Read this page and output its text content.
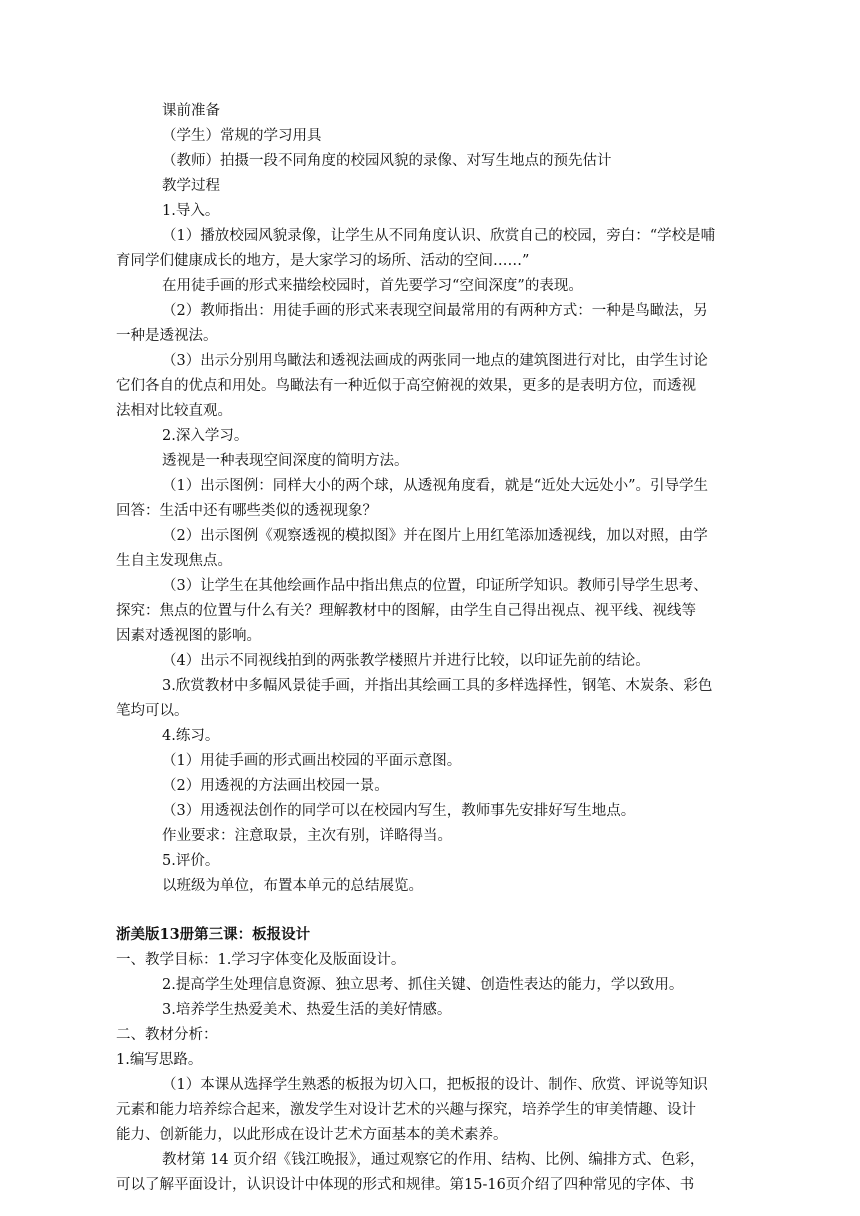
课前准备
（学生）常规的学习用具
（教师）拍摄一段不同角度的校园风貌的录像、对写生地点的预先估计
教学过程
1.导入。
（1）播放校园风貌录像，让学生从不同角度认识、欣赏自己的校园，旁白：“学校是哺
育同学们健康成长的地方，是大家学习的场所、活动的空间……”
在用徒手画的形式来描绘校园时，首先要学习“空间深度”的表现。
（2）教师指出：用徒手画的形式来表现空间最常用的有两种方式：一种是鸟瞰法，另
一种是透视法。
（3）出示分别用鸟瞰法和透视法画成的两张同一地点的建筑图进行对比，由学生讨论
它们各自的优点和用处。鸟瞰法有一种近似于高空俯视的效果，更多的是表明方位，而透视
法相对比较直观。
2.深入学习。
透视是一种表现空间深度的简明方法。
（1）出示图例：同样大小的两个球，从透视角度看，就是“近处大远处小”。引导学生
回答：生活中还有哪些类似的透视现象？
（2）出示图例《观察透视的模拟图》并在图片上用红笔添加透视线，加以对照，由学
生自主发现焦点。
（3）让学生在其他绘画作品中指出焦点的位置，印证所学知识。教师引导学生思考、
探究：焦点的位置与什么有关？理解教材中的图解，由学生自己得出视点、视平线、视线等
因素对透视图的影响。
（4）出示不同视线拍到的两张教学楼照片并进行比较，以印证先前的结论。
3.欣赏教材中多幅风景徒手画，并指出其绘画工具的多样选择性，钢笔、木炭条、彩色
笔均可以。
4.练习。
（1）用徒手画的形式画出校园的平面示意图。
（2）用透视的方法画出校园一景。
（3）用透视法创作的同学可以在校园内写生，教师事先安排好写生地点。
作业要求：注意取景，主次有别，详略得当。
5.评价。
以班级为单位，布置本单元的总结展览。
浙美版13册第三课：板报设计
一、教学目标：1.学习字体变化及版面设计。
2.提高学生处理信息资源、独立思考、抓住关键、创造性表达的能力，学以致用。
3.培养学生热爱美术、热爱生活的美好情感。
二、教材分析：
1.编写思路。
（1）本课从选择学生熟悉的板报为切入口，把板报的设计、制作、欣赏、评说等知识
元素和能力培养综合起来，激发学生对设计艺术的兴趣与探究，培养学生的审美情趣、设计
能力、创新能力，以此形成在设计艺术方面基本的美术素养。
教材第 14 页介绍《钱江晚报》，通过观察它的作用、结构、比例、编排方式、色彩，
可以了解平面设计，认识设计中体现的形式和规律。第15-16页介绍了四种常见的字体、书
